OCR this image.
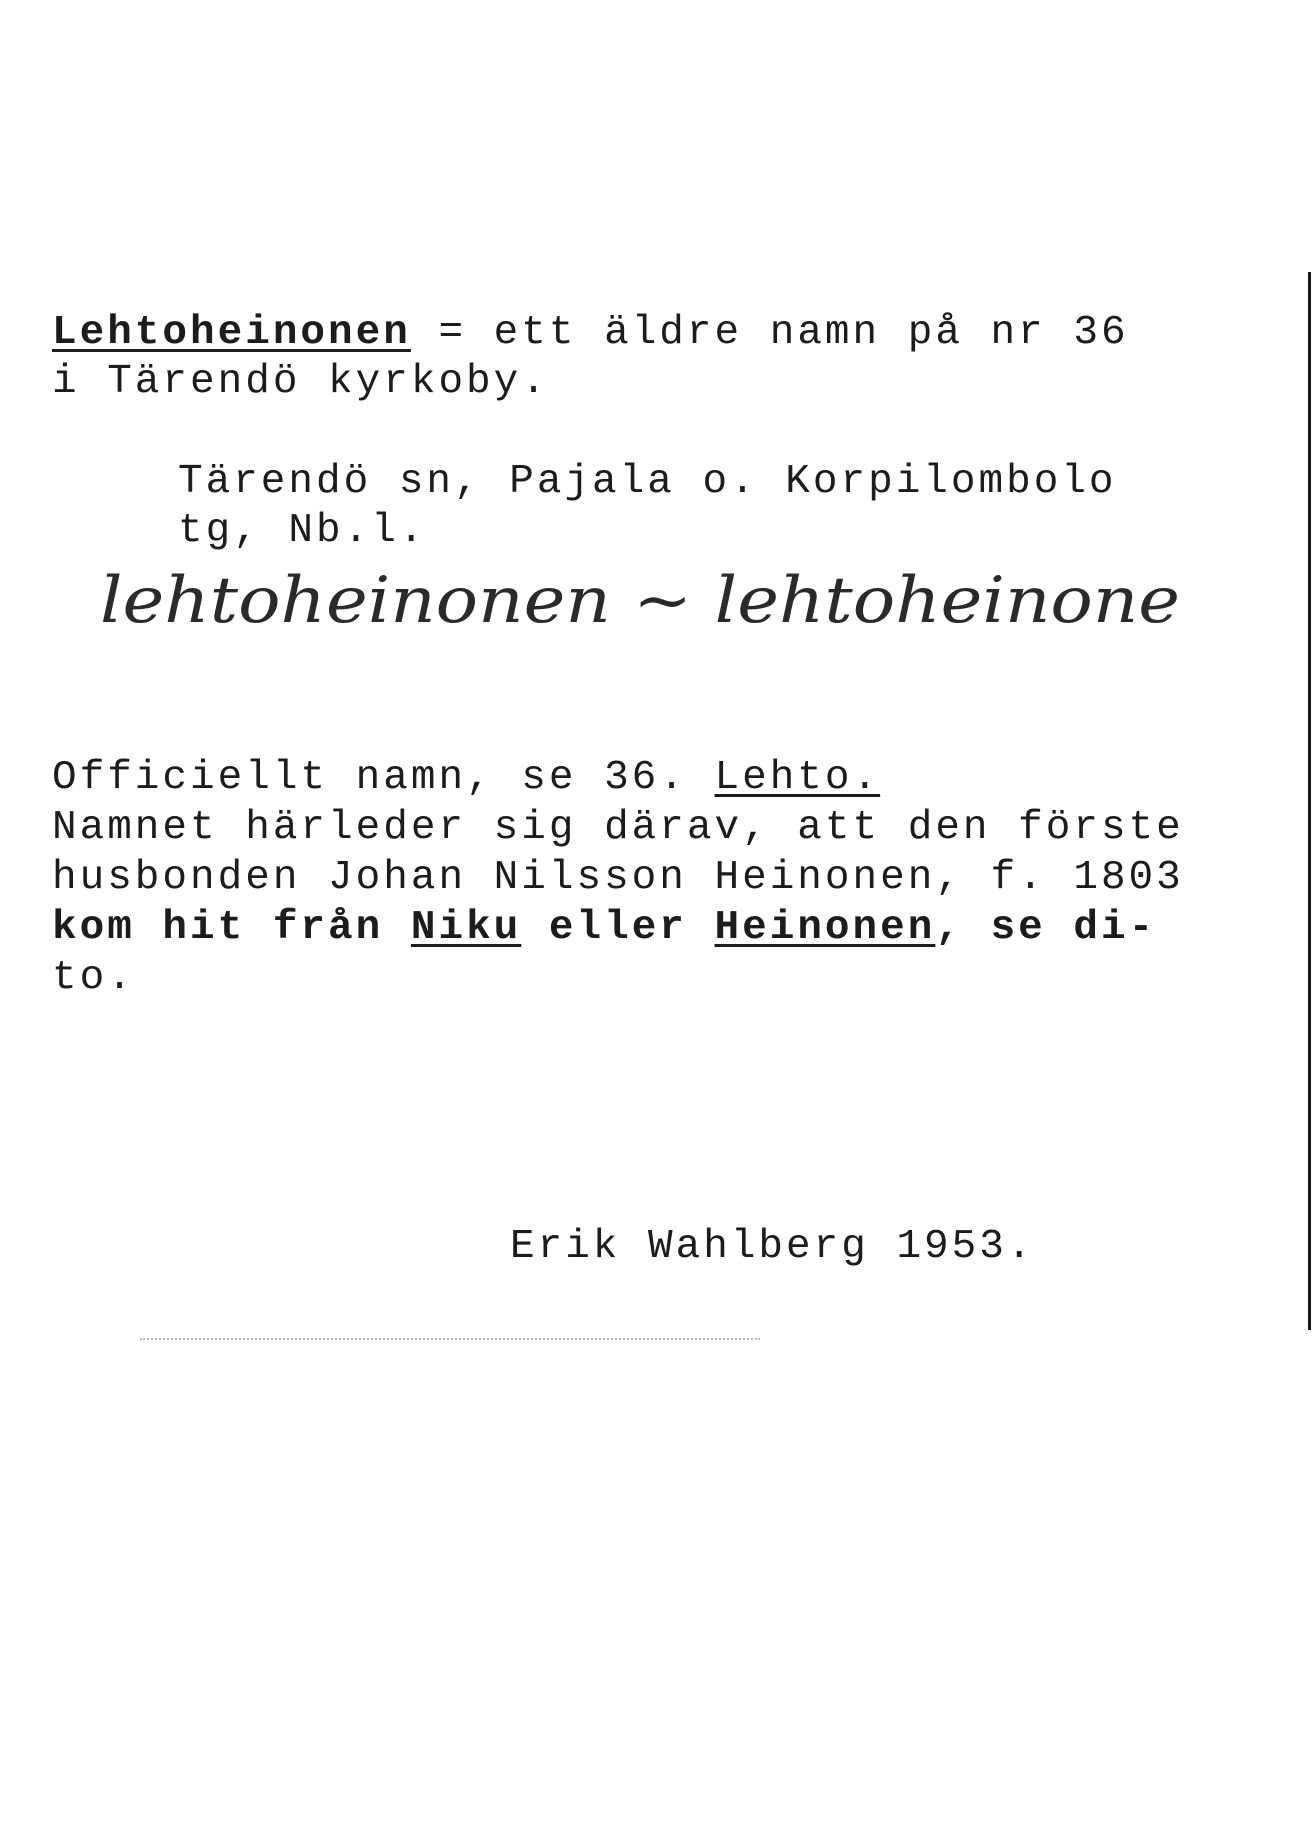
Lehtoheinonen = ett äldre namn på nr 36

i Tärendö kyrkoby.

Tärendö sn, Pajala o. Korpilombolo

tg, Nb.l.

lehtoheinonen ~ lehtoheinone

Officiellt namn, se 36. Lehto.

Namnet härleder sig därav, att den förste

husbonden Johan Nilsson Heinonen, f. 1803

kom hit från Niku eller Heinonen, se di-

to.

Erik Wahlberg 1953.
